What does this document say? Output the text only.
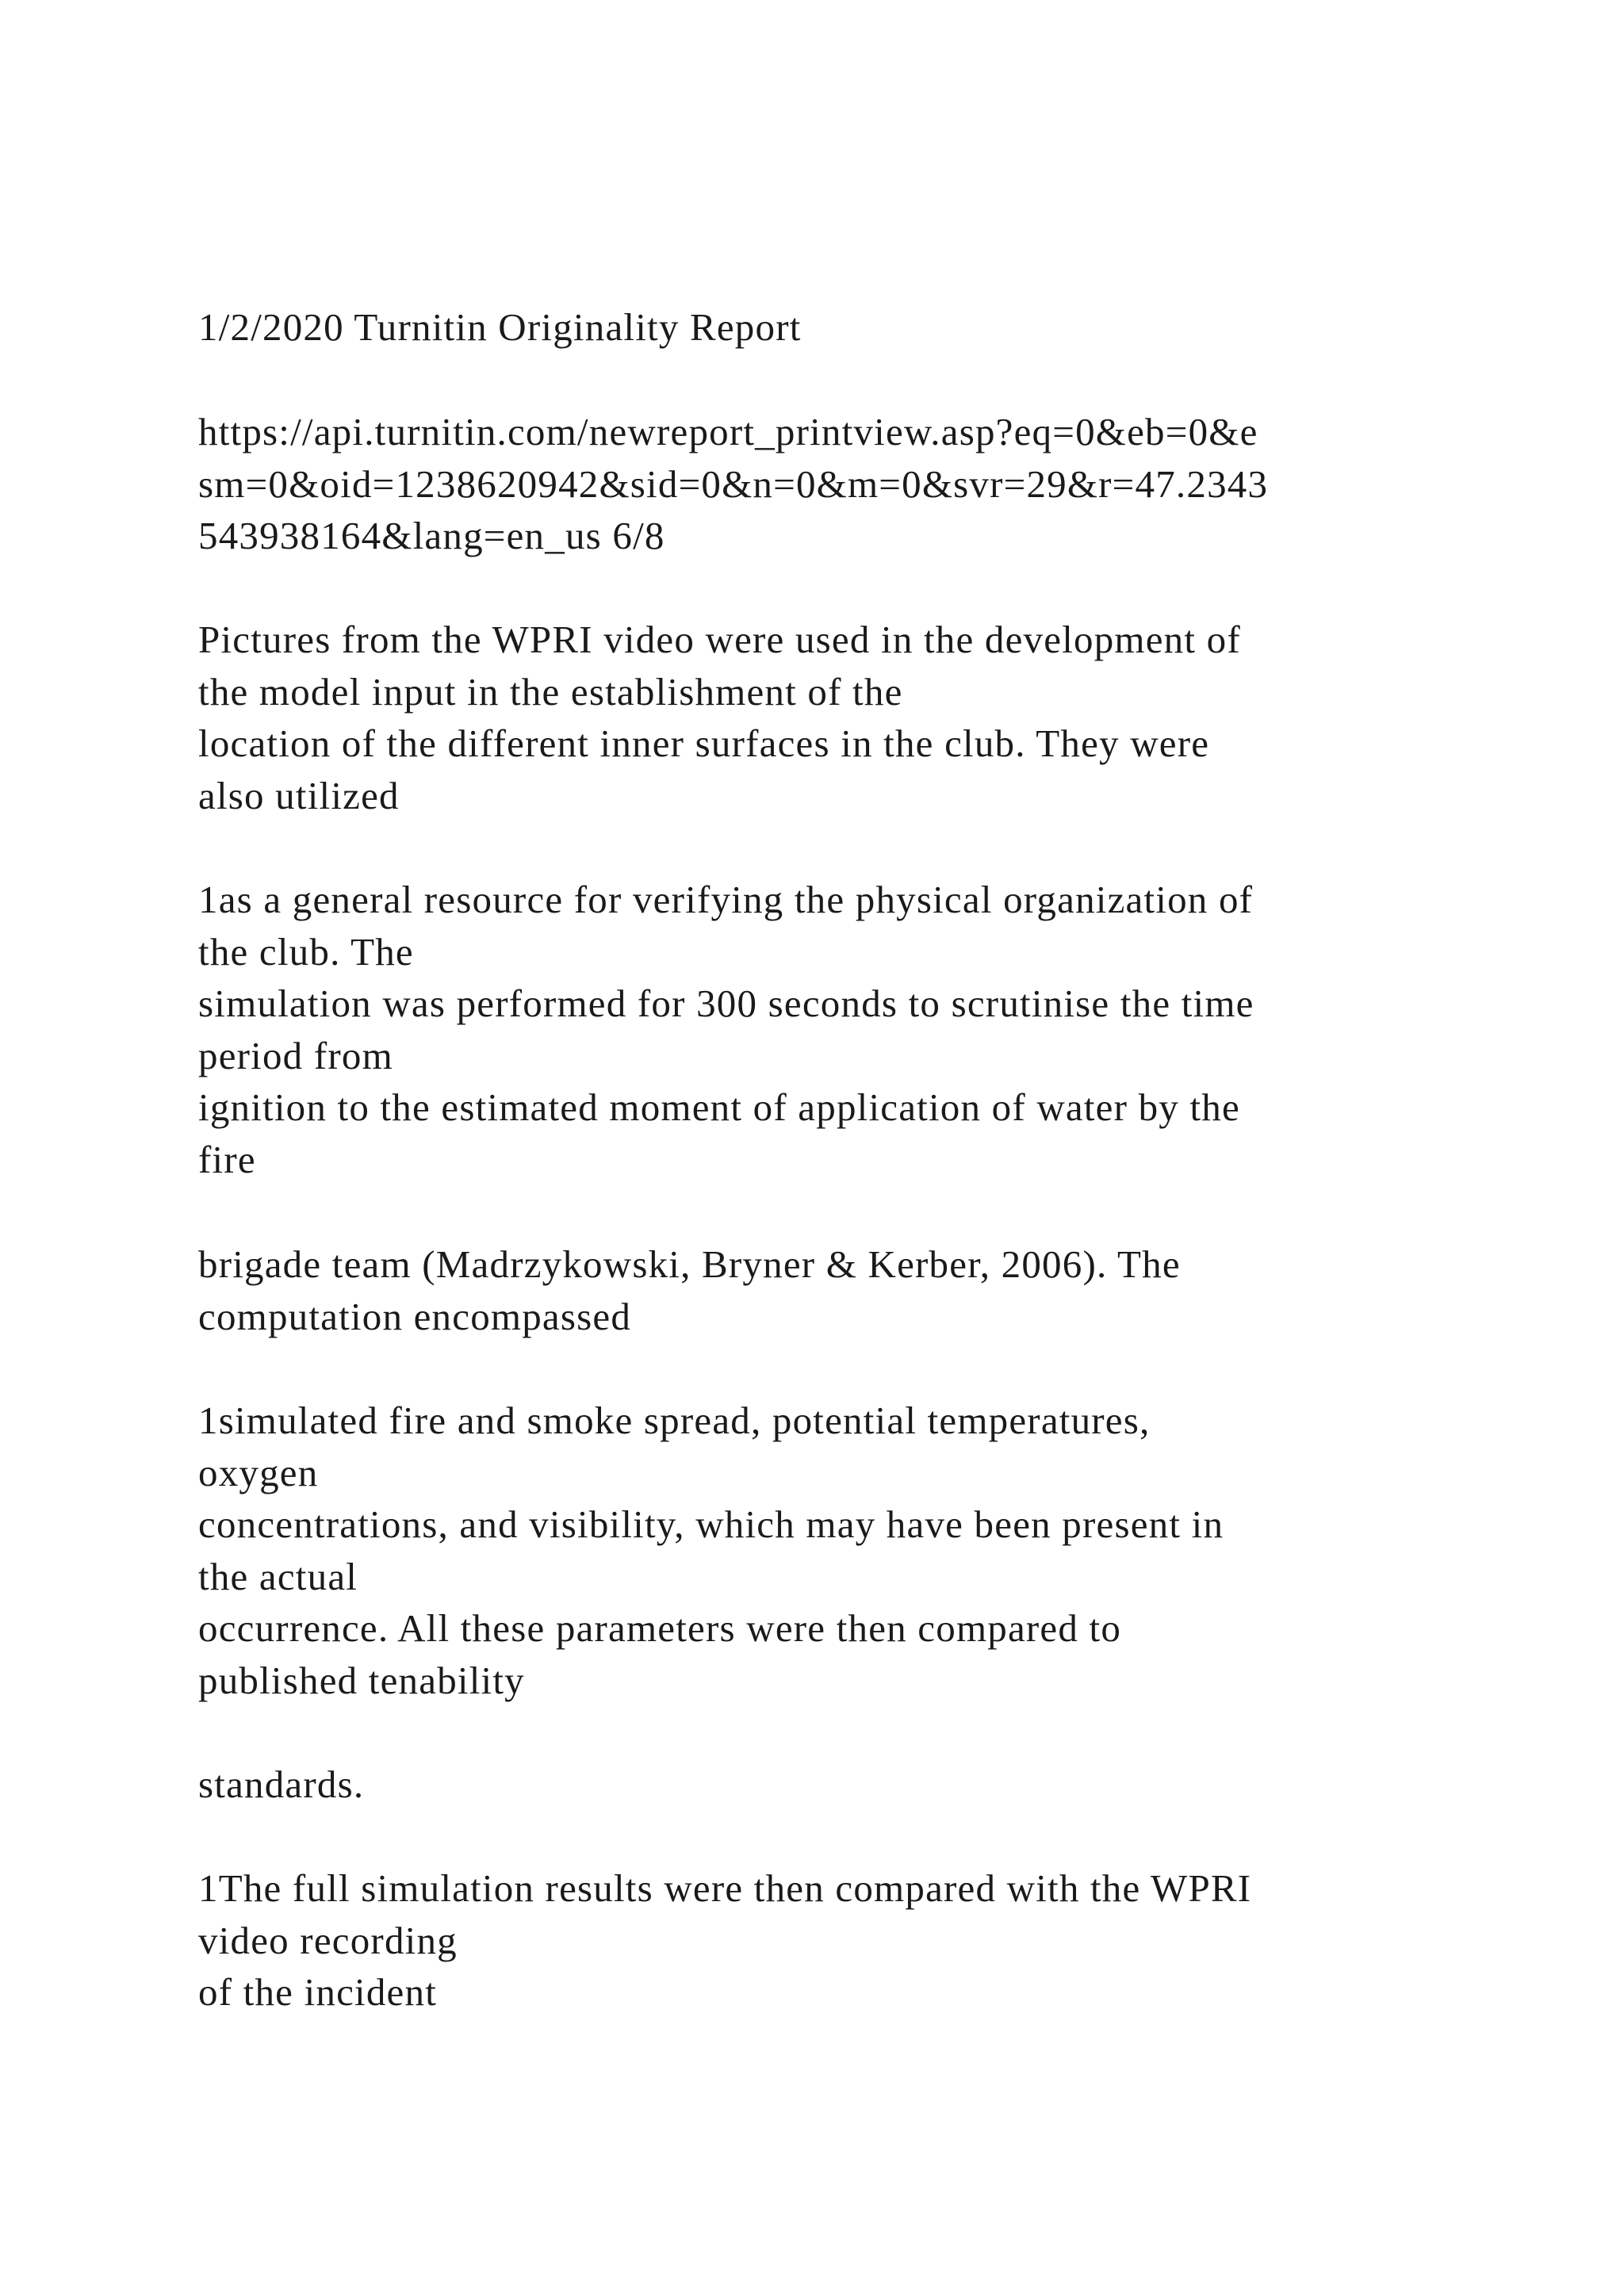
1/2/2020 Turnitin Originality Report

https://api.turnitin.com/newreport_printview.asp?eq=0&eb=0&e
sm=0&oid=1238620942&sid=0&n=0&m=0&svr=29&r=47.2343
543938164&lang=en_us 6/8

Pictures from the WPRI video were used in the development of
the model input in the establishment of the
location of the different inner surfaces in the club. They were
also utilized

1as a general resource for verifying the physical organization of
the club. The
simulation was performed for 300 seconds to scrutinise the time
period from
ignition to the estimated moment of application of water by the
fire

brigade team (Madrzykowski, Bryner & Kerber, 2006). The
computation encompassed

1simulated fire and smoke spread, potential temperatures,
oxygen
concentrations, and visibility, which may have been present in
the actual
occurrence. All these parameters were then compared to
published tenability

standards.

1The full simulation results were then compared with the WPRI
video recording
of the incident
